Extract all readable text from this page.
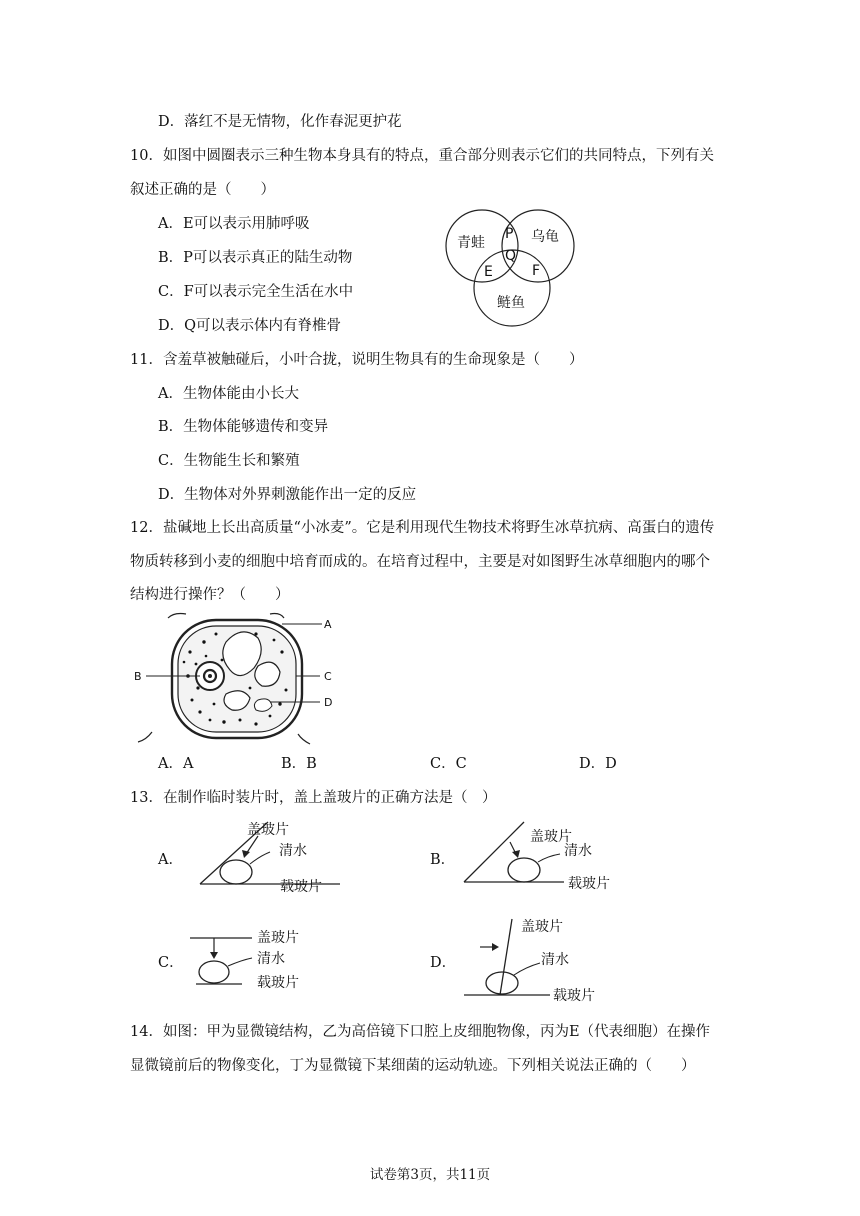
D．落红不是无情物，化作春泥更护花
10．如图中圆圈表示三种生物本身具有的特点，重合部分则表示它们的共同特点，下列有关
叙述正确的是（　　）
A．E可以表示用肺呼吸
B．P可以表示真正的陆生动物
C．F可以表示完全生活在水中
D．Q可以表示体内有脊椎骨
青蛙	乌龟
鲢鱼
P
Q
E	F
11．含羞草被触碰后，小叶合拢，说明生物具有的生命现象是（　　）
A．生物体能由小长大
B．生物体能够遗传和变异
C．生物能生长和繁殖
D．生物体对外界刺激能作出一定的反应
12．盐碱地上长出高质量“小冰麦”。它是利用现代生物技术将野生冰草抗病、高蛋白的遗传
物质转移到小麦的细胞中培育而成的。在培育过程中，主要是对如图野生冰草细胞内的哪个
结构进行操作？（　　）
A
B	C
D
A．A	B．B	C．C	D．D
13．在制作临时装片时，盖上盖玻片的正确方法是（　）
A．
盖玻片
清水
载玻片
B．
盖玻片
清水
载玻片
C．
盖玻片
清水
载玻片
D．
盖玻片
清水
载玻片
14．如图：甲为显微镜结构，乙为高倍镜下口腔上皮细胞物像，丙为E（代表细胞）在操作
显微镜前后的物像变化，丁为显微镜下某细菌的运动轨迹。下列相关说法正确的（　　）
试卷第3页，共11页
